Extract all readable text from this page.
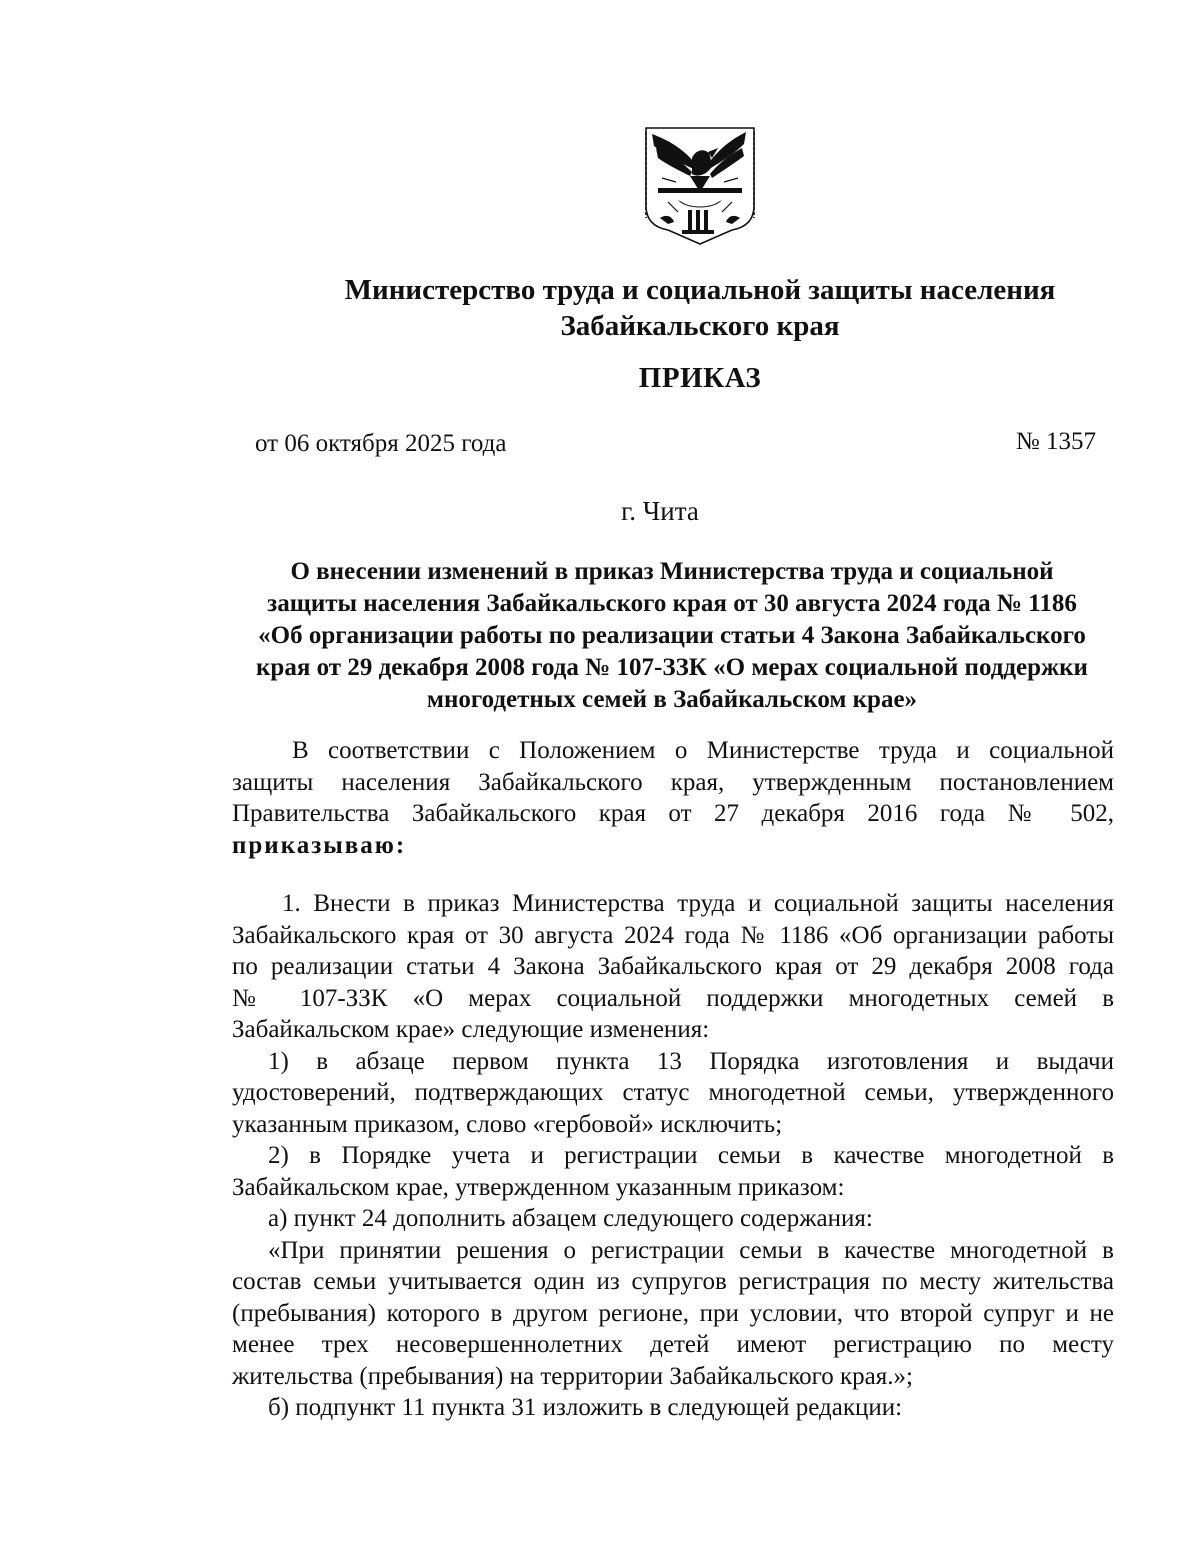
Министерство труда и социальной защиты населения
Забайкальского края
ПРИКАЗ
от 06 октября 2025 года	№ 1357
г. Чита
О внесении изменений в приказ Министерства труда и социальной
защиты населения Забайкальского края от 30 августа 2024 года № 1186
«Об организации работы по реализации статьи 4 Закона Забайкальского
края от 29 декабря 2008 года № 107-ЗЗК «О мерах социальной поддержки
многодетных семей в Забайкальском крае»
В соответствии с Положением о Министерстве труда и социальной
защиты населения Забайкальского края, утвержденным постановлением
Правительства Забайкальского края от 27 декабря 2016 года № 502,
приказываю:
1. Внести в приказ Министерства труда и социальной защиты населения
Забайкальского края от 30 августа 2024 года № 1186 «Об организации работы
по реализации статьи 4 Закона Забайкальского края от 29 декабря 2008 года
№ 107-ЗЗК «О мерах социальной поддержки многодетных семей в
Забайкальском крае» следующие изменения:
1) в абзаце первом пункта 13 Порядка изготовления и выдачи
удостоверений, подтверждающих статус многодетной семьи, утвержденного
указанным приказом, слово «гербовой» исключить;
2) в Порядке учета и регистрации семьи в качестве многодетной в
Забайкальском крае, утвержденном указанным приказом:
а) пункт 24 дополнить абзацем следующего содержания:
«При принятии решения о регистрации семьи в качестве многодетной в
состав семьи учитывается один из супругов регистрация по месту жительства
(пребывания) которого в другом регионе, при условии, что второй супруг и не
менее трех несовершеннолетних детей имеют регистрацию по месту
жительства (пребывания) на территории Забайкальского края.»;
б) подпункт 11 пункта 31 изложить в следующей редакции:
